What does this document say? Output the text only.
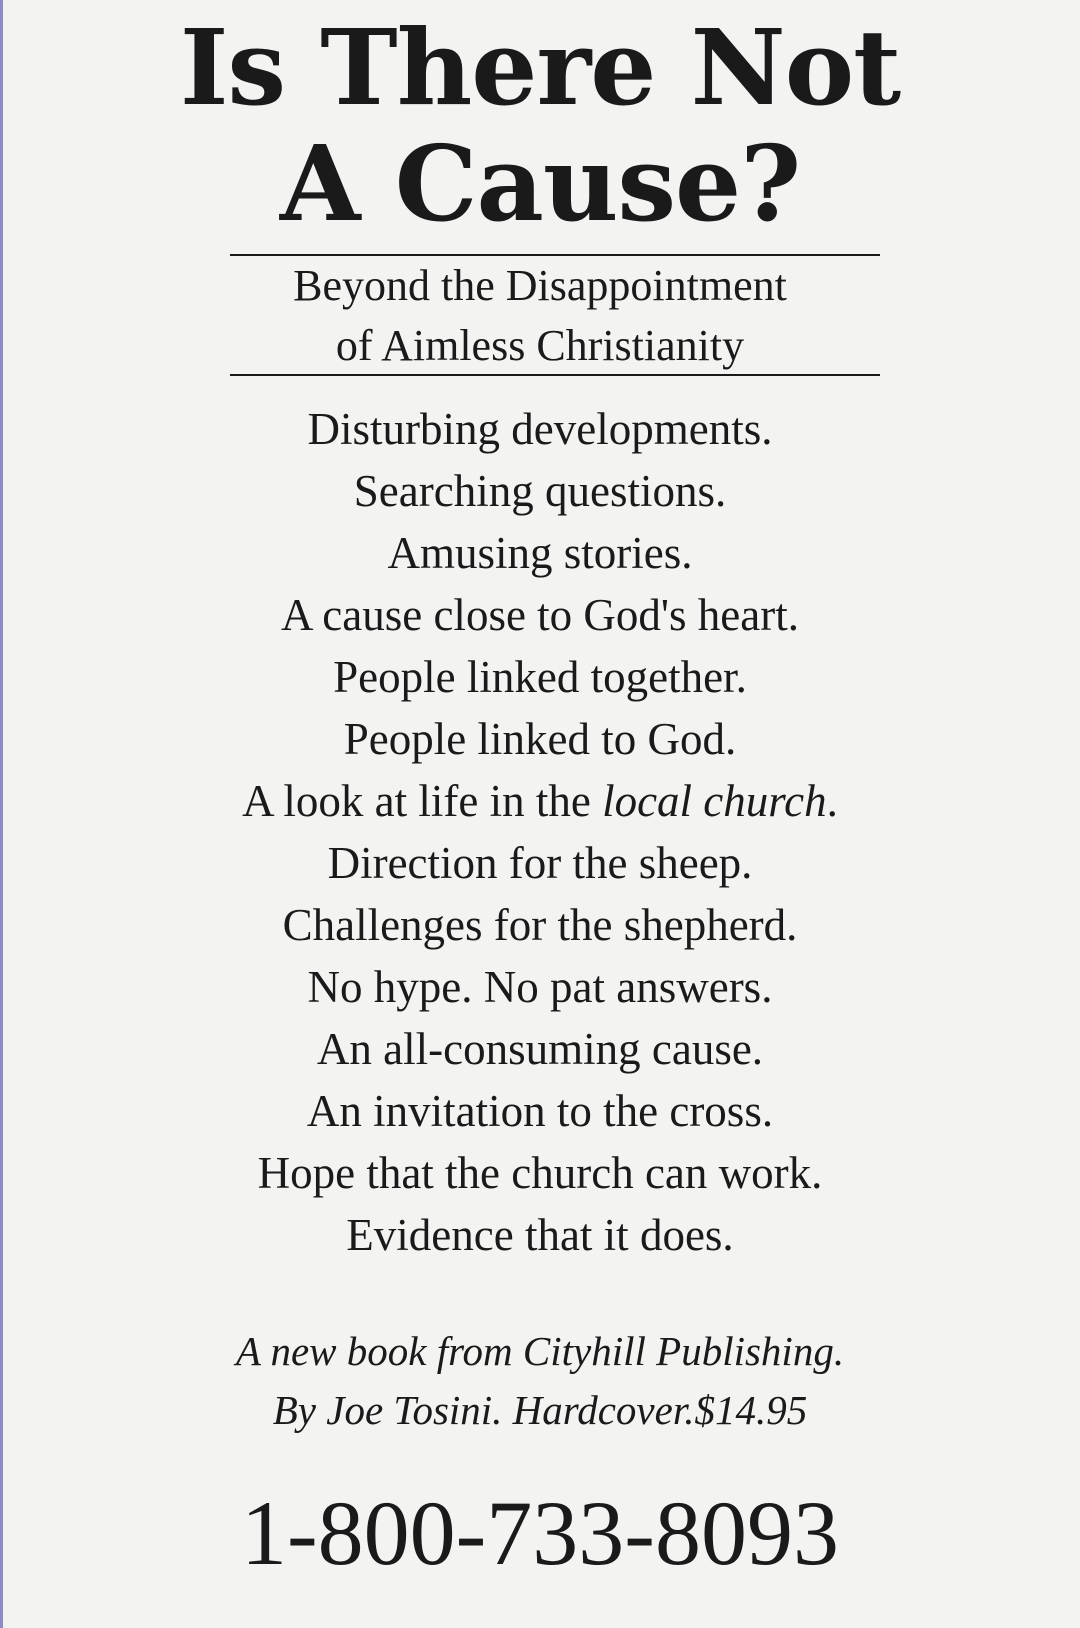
Is There Not
A Cause?

Beyond the Disappointment
of Aimless Christianity

Disturbing developments.
Searching questions.
Amusing stories.
A cause close to God's heart.
People linked together.
People linked to God.
A look at life in the local church.
Direction for the sheep.
Challenges for the shepherd.
No hype. No pat answers.
An all-consuming cause.
An invitation to the cross.
Hope that the church can work.
Evidence that it does.

A new book from Cityhill Publishing.
By Joe Tosini. Hardcover.$14.95

1-800-733-8093
